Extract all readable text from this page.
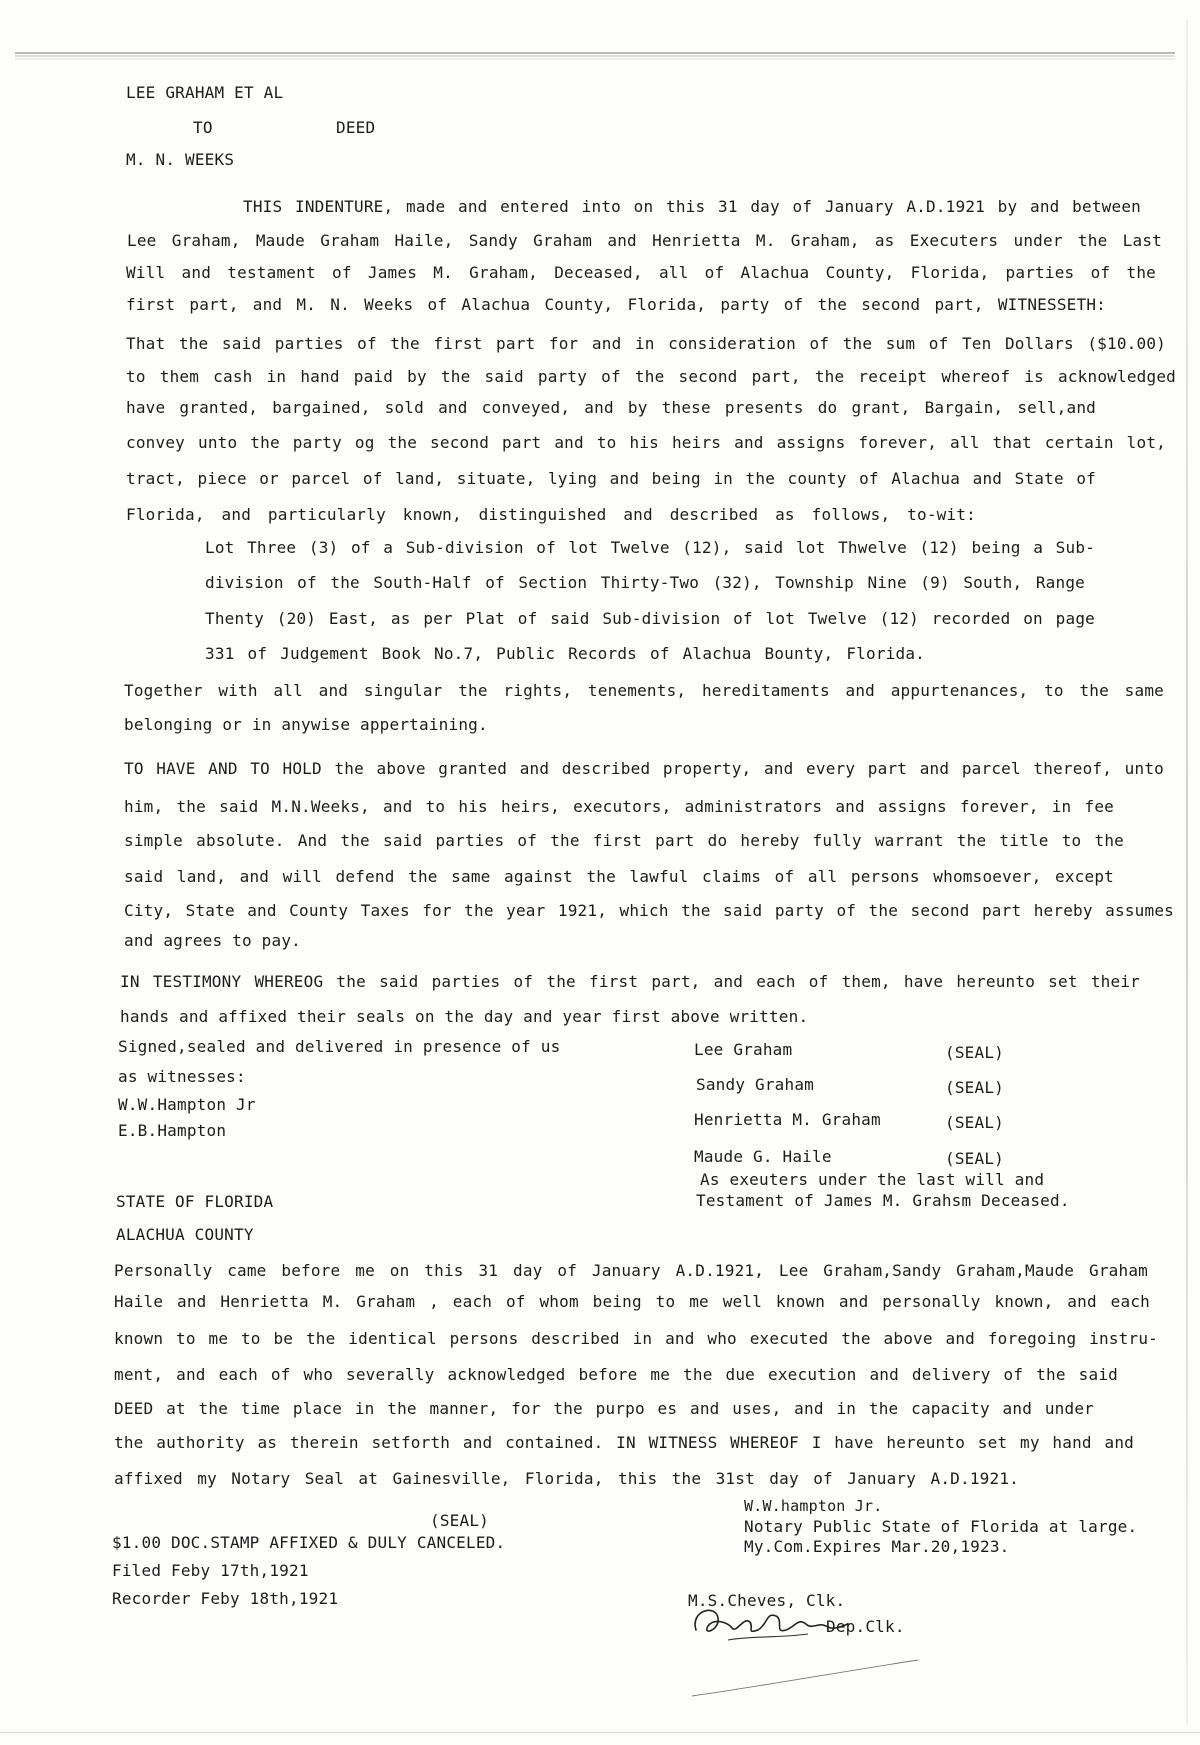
LEE GRAHAM ET AL
TO	DEED
M. N. WEEKS
THIS INDENTURE, made and entered into on this 31 day of January A.D.1921 by and between
Lee Graham, Maude Graham Haile, Sandy Graham and Henrietta M. Graham, as Executers under the Last
Will and testament of James M. Graham, Deceased, all of Alachua County, Florida, parties of the
first part, and M. N. Weeks of Alachua County, Florida, party of the second part, WITNESSETH:
That the said parties of the first part for and in consideration of the sum of Ten Dollars ($10.00)
to them cash in hand paid by the said party of the second part, the receipt whereof is acknowledged
have granted, bargained, sold and conveyed, and by these presents do grant, Bargain, sell,and
convey unto the party og the second part and to his heirs and assigns forever, all that certain lot,
tract, piece or parcel of land, situate, lying and being in the county of Alachua and State of
Florida, and particularly known, distinguished and described as follows, to-wit:
Lot Three (3) of a Sub-division of lot Twelve (12), said lot Thwelve (12) being a Sub-
division of the South-Half of Section Thirty-Two (32), Township Nine (9) South, Range
Thenty (20) East, as per Plat of said Sub-division of lot Twelve (12) recorded on page
331 of Judgement Book No.7, Public Records of Alachua Bounty, Florida.
Together with all and singular the rights, tenements, hereditaments and appurtenances, to the same
belonging or in anywise appertaining.
TO HAVE AND TO HOLD the above granted and described property, and every part and parcel thereof, unto
him, the said M.N.Weeks, and to his heirs, executors, administrators and assigns forever, in fee
simple absolute. And the said parties of the first part do hereby fully warrant the title to the
said land, and will defend the same against the lawful claims of all persons whomsoever, except
City, State and County Taxes for the year 1921, which the said party of the second part hereby assumes
and agrees to pay.
IN TESTIMONY WHEREOG the said parties of the first part, and each of them, have hereunto set their
hands and affixed their seals on the day and year first above written.
Signed,sealed and delivered in presence of us
as witnesses:
W.W.Hampton Jr
E.B.Hampton
Lee Graham	(SEAL)
Sandy Graham	(SEAL)
Henrietta M. Graham	(SEAL)
Maude G. Haile	(SEAL)
As exeuters under the last will and
Testament of James M. Grahsm Deceased.
STATE OF FLORIDA
ALACHUA COUNTY
Personally came before me on this 31 day of January A.D.1921, Lee Graham,Sandy Graham,Maude Graham
Haile and Henrietta M. Graham , each of whom being to me well known and personally known, and each
known to me to be the identical persons described in and who executed the above and foregoing instru-
ment, and each of who severally acknowledged before me the due execution and delivery of the said
DEED at the time place in the manner, for the purpo es and uses, and in the capacity and under
the authority as therein setforth and contained. IN WITNESS WHEREOF I have hereunto set my hand and
affixed my Notary Seal at Gainesville, Florida, this the 31st day of January A.D.1921.
(SEAL)
W.W.hampton Jr.
Notary Public State of Florida at large.
My.Com.Expires Mar.20,1923.
$1.00 DOC.STAMP AFFIXED & DULY CANCELED.
Filed Feby 17th,1921
Recorder Feby 18th,1921	M.S.Cheves, Clk.
Dep.Clk.
